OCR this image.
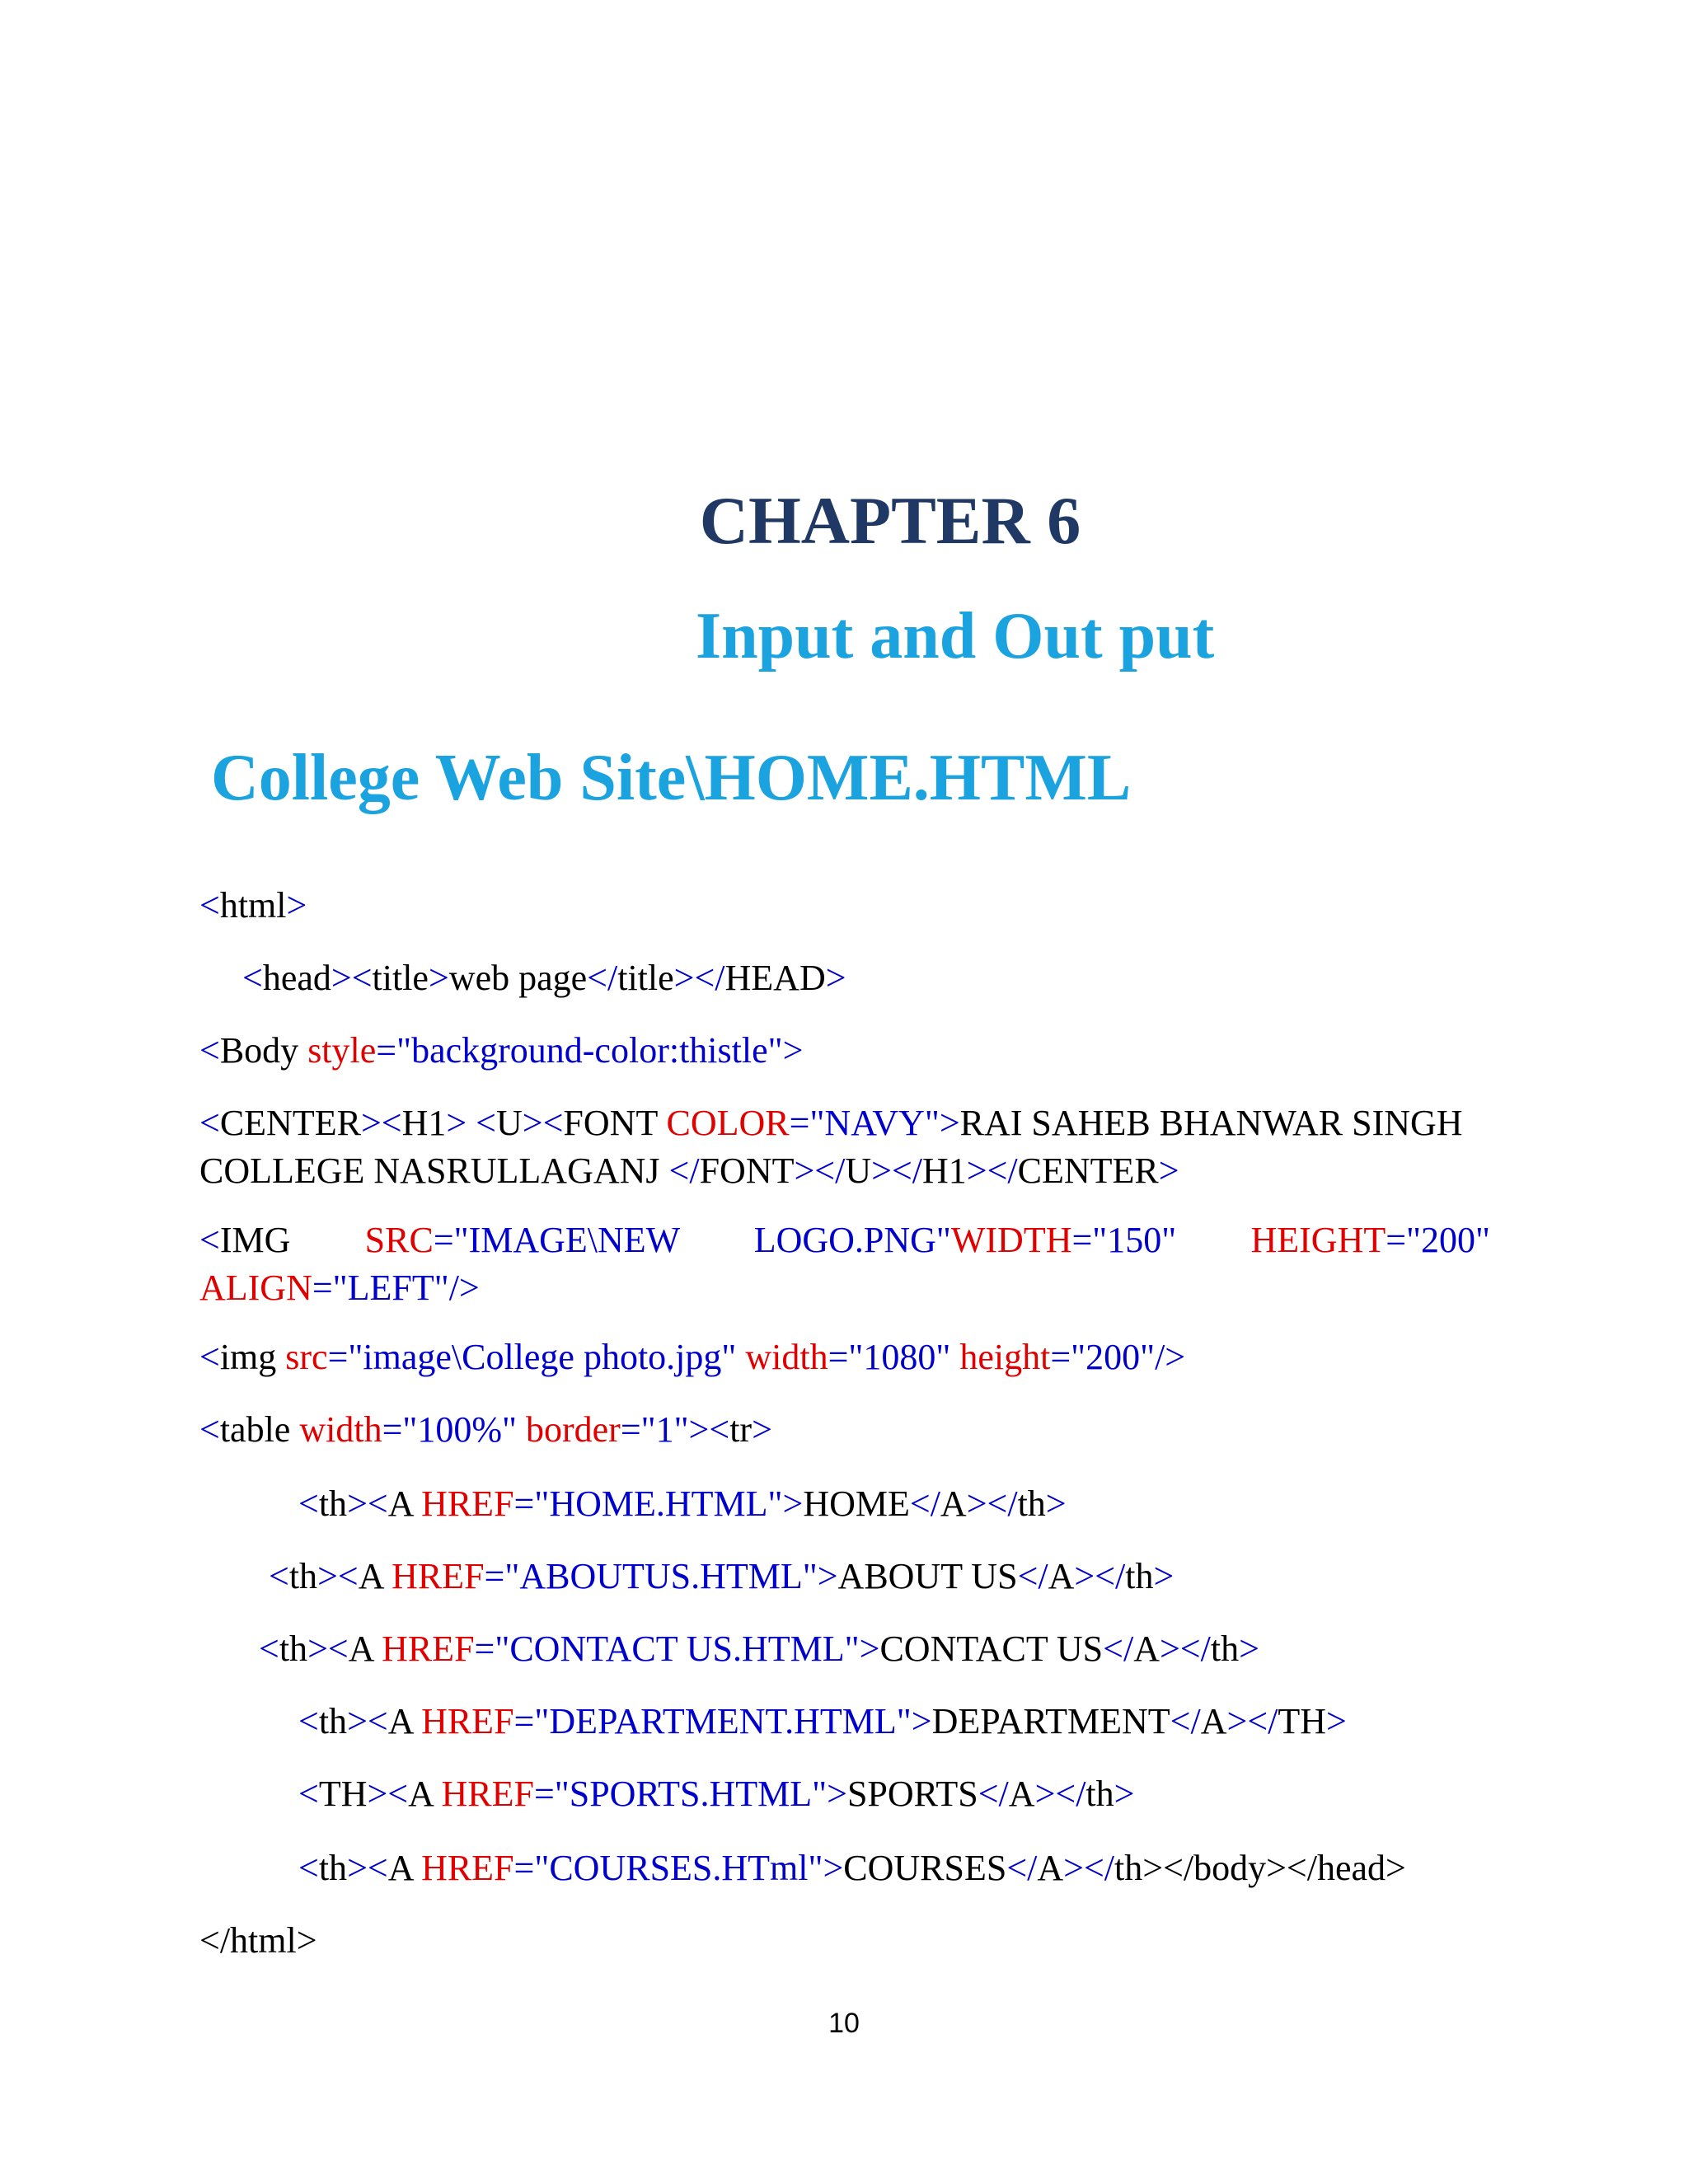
CHAPTER 6
Input and Out put
College Web Site\HOME.HTML
<html>
<head><title>web page</title></HEAD>
<Body style="background-color:thistle">
<CENTER><H1> <U><FONT COLOR="NAVY">RAI SAHEB BHANWAR SINGH COLLEGE NASRULLAGANJ </FONT></U></H1></CENTER>
<IMG SRC="IMAGE\NEW LOGO.PNG"WIDTH="150" HEIGHT="200" ALIGN="LEFT"/>
<img src="image\College photo.jpg" width="1080" height="200"/>
<table width="100%" border="1"><tr>
<th><A HREF="HOME.HTML">HOME</A></th>
<th><A HREF="ABOUTUS.HTML">ABOUT US</A></th>
<th><A HREF="CONTACT US.HTML">CONTACT US</A></th>
<th><A HREF="DEPARTMENT.HTML">DEPARTMENT</A></TH>
<TH><A HREF="SPORTS.HTML">SPORTS</A></th>
<th><A HREF="COURSES.HTml">COURSES</A></th></body></head>
</html>
10
